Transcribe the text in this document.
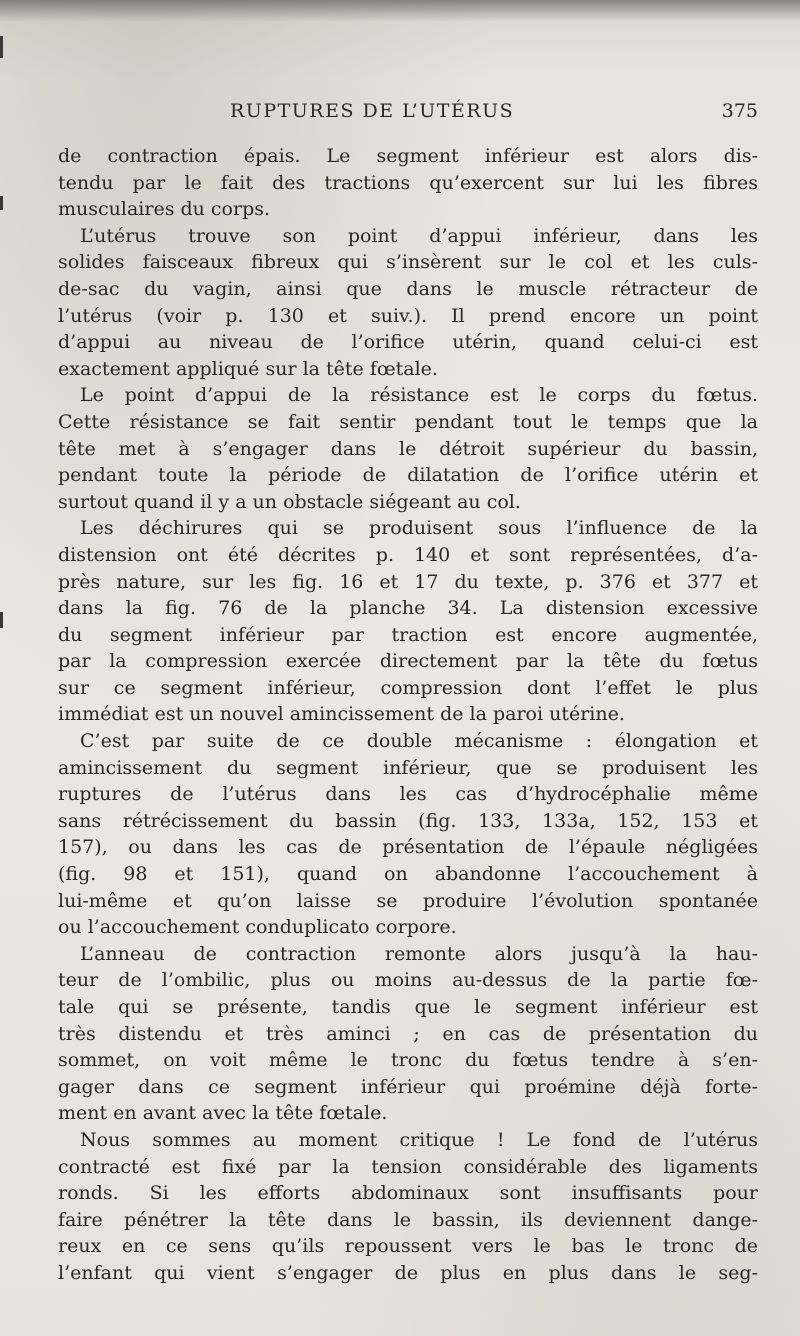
RUPTURES DE L’UTÉRUS	375
de contraction épais. Le segment inférieur est alors dis-
tendu par le fait des tractions qu’exercent sur lui les fibres
musculaires du corps.
L’utérus trouve son point d’appui inférieur, dans les
solides faisceaux fibreux qui s’insèrent sur le col et les culs-
de-sac du vagin, ainsi que dans le muscle rétracteur de
l’utérus (voir p. 130 et suiv.). Il prend encore un point
d’appui au niveau de l’orifice utérin, quand celui-ci est
exactement appliqué sur la tête fœtale.
Le point d’appui de la résistance est le corps du fœtus.
Cette résistance se fait sentir pendant tout le temps que la
tête met à s’engager dans le détroit supérieur du bassin,
pendant toute la période de dilatation de l’orifice utérin et
surtout quand il y a un obstacle siégeant au col.
Les déchirures qui se produisent sous l’influence de la
distension ont été décrites p. 140 et sont représentées, d’a-
près nature, sur les fig. 16 et 17 du texte, p. 376 et 377 et
dans la fig. 76 de la planche 34. La distension excessive
du segment inférieur par traction est encore augmentée,
par la compression exercée directement par la tête du fœtus
sur ce segment inférieur, compression dont l’effet le plus
immédiat est un nouvel amincissement de la paroi utérine.
C’est par suite de ce double mécanisme : élongation et
amincissement du segment inférieur, que se produisent les
ruptures de l’utérus dans les cas d’hydrocéphalie même
sans rétrécissement du bassin (fig. 133, 133a, 152, 153 et
157), ou dans les cas de présentation de l’épaule négligées
(fig. 98 et 151), quand on abandonne l’accouchement à
lui-même et qu’on laisse se produire l’évolution spontanée
ou l’accouchement conduplicato corpore.
L’anneau de contraction remonte alors jusqu’à la hau-
teur de l’ombilic, plus ou moins au-dessus de la partie fœ-
tale qui se présente, tandis que le segment inférieur est
très distendu et très aminci ; en cas de présentation du
sommet, on voit même le tronc du fœtus tendre à s’en-
gager dans ce segment inférieur qui proémine déjà forte-
ment en avant avec la tête fœtale.
Nous sommes au moment critique ! Le fond de l’utérus
contracté est fixé par la tension considérable des ligaments
ronds. Si les efforts abdominaux sont insuffisants pour
faire pénétrer la tête dans le bassin, ils deviennent dange-
reux en ce sens qu’ils repoussent vers le bas le tronc de
l’enfant qui vient s’engager de plus en plus dans le seg-
